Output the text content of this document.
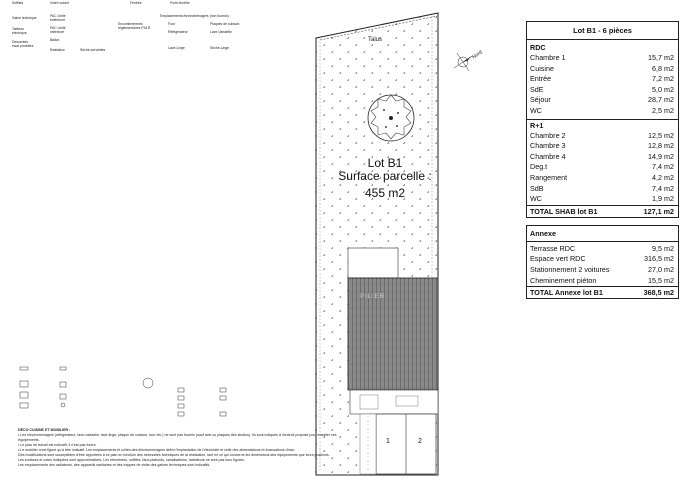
Lot B1
Surface parcelle :
455 m2
Talus
Nord
1	2
PILIER
Soffites	Volet roulant	Fenêtre	Porte-fenêtre
Gaine technique	PAC Unité extérieure
PAC Unité intérieure
Tableau électrique
Ballon
Descentes eaux pluviales
Encombrements réglementaires P.M.R.
Emplacements électroménagers (non fournis) :
Four	Plaques de cuisson
Réfrigérateur	Lave-Vaisselle
Lave-Linge	Sèche-Linge
Radiateur	Sèche-serviettes

DÉCO CUISINE ET MOBILIER :

• Les électroménagers (réfrigérateur, lave-vaisselle, lave-linge, plaque de cuisson, four etc.) ne sont pas fournis (sauf avis ou plaques des studios). Ils sont indiqués à l'endroit proposé pour installer ces équipements.

• Le plan de travail est indicatif, il n'est pas fourni.

• Le mobilier n'est figuré qu'à titre indicatif. Les emplacements et celles des électroménagers défini l'implantation de l'électricité et celle des alimentations et évacuations d'eau.

Des modifications sont susceptibles d'être apportées à ce plan en fonction des nécessités techniques de la réalisation, tant en ce qui concerne les dimensions des équipements que leurs positions.

Les surfaces et cotes indiquées sont approximatives. Les retombées, soffites, faux-plafonds, canalisations, radiateurs ne sont pas tous figurés.

Les emplacements des radiateurs, des appareils sanitaires et des trappes de visite des gaines techniques sont indicatifs.

Lot B1 - 6 pièces
RDC
Chambre 1	15,7 m2
Cuisine	6,8 m2
Entrée	7,2 m2
SdE	5,0 m2
Séjour	28,7 m2
WC	2,5 m2
R+1
Chambre 2	12,5 m2
Chambre 3	12,8 m2
Chambre 4	14,9 m2
Deg.t	7,4 m2
Rangement	4,2 m2
SdB	7,4 m2
WC	1,9 m2
TOTAL SHAB lot B1	127,1 m2
Annexe
Terrasse RDC	9,5 m2
Espace vert RDC	316,5 m2
Stationnement 2 voitures	27,0 m2
Cheminement piéton	15,5 m2
TOTAL Annexe lot B1	368,5 m2
